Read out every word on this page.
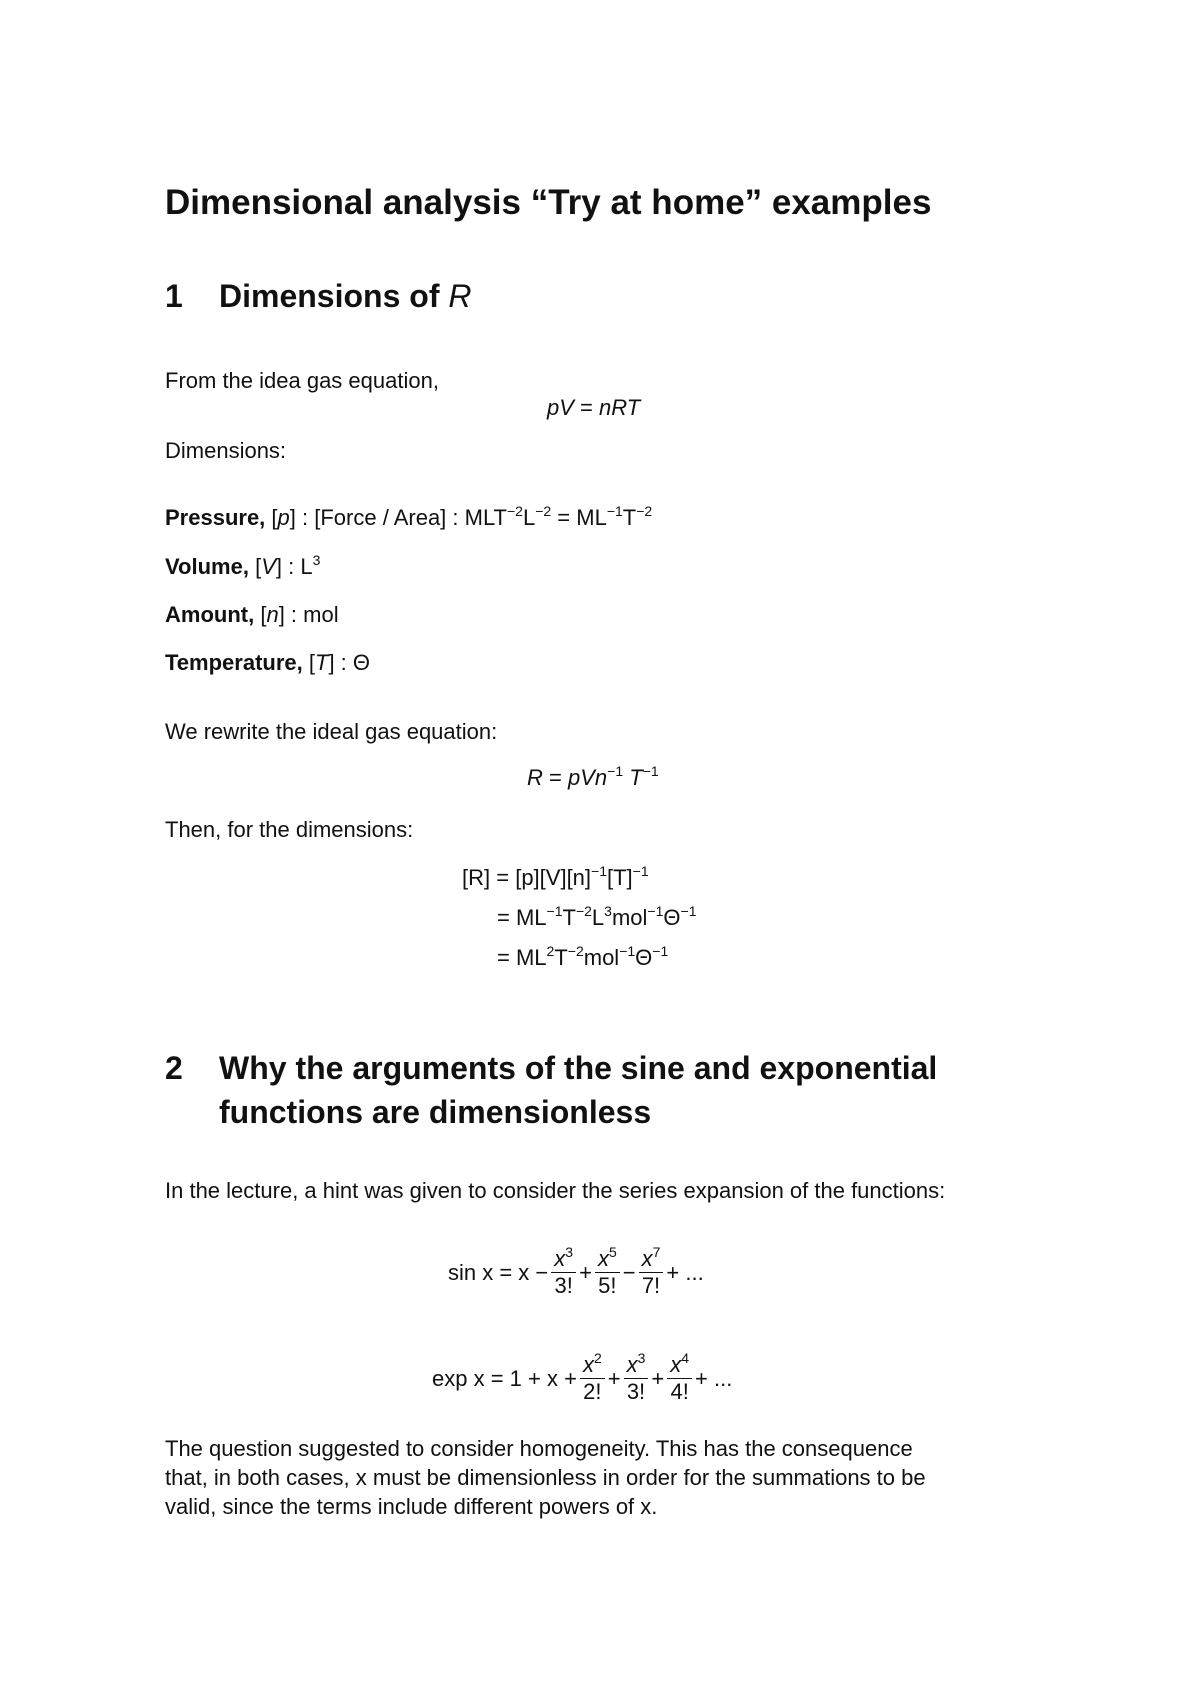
Dimensional analysis “Try at home” examples
1 Dimensions of R
From the idea gas equation,
pV = nRT
Dimensions:
Pressure, [p] : [Force / Area] : $MLT^{-2}L^{-2} = ML^{-1}T^{-2}$
Volume, [V] : $L^3$
Amount, [n] : mol
Temperature, [T] : Θ
We rewrite the ideal gas equation:
R = pVn$^{-1}$ $T^{-1}$
Then, for the dimensions:
$[R] = [p][V][n]^{-1}[T]^{-1}$
= $ML^{-1}T^{-2}L^3mol^{-1}\Theta^{-1}$
= $ML^2T^{-2}mol^{-1}\Theta^{-1}$
2 Why the arguments of the sine and exponential
functions are dimensionless
In the lecture, a hint was given to consider the series expansion of the functions:
$\sin x = x - \frac{x^3}{3!} + \frac{x^5}{5!} - \frac{x^7}{7!}$ + ...
$\exp x = 1 + x + \frac{x^2}{2!} + \frac{x^3}{3!} + \frac{x^4}{4!}$ + ...
The question suggested to consider homogeneity. This has the consequence
that, in both cases, x must be dimensionless in order for the summations to be
valid, since the terms include different powers of x.
